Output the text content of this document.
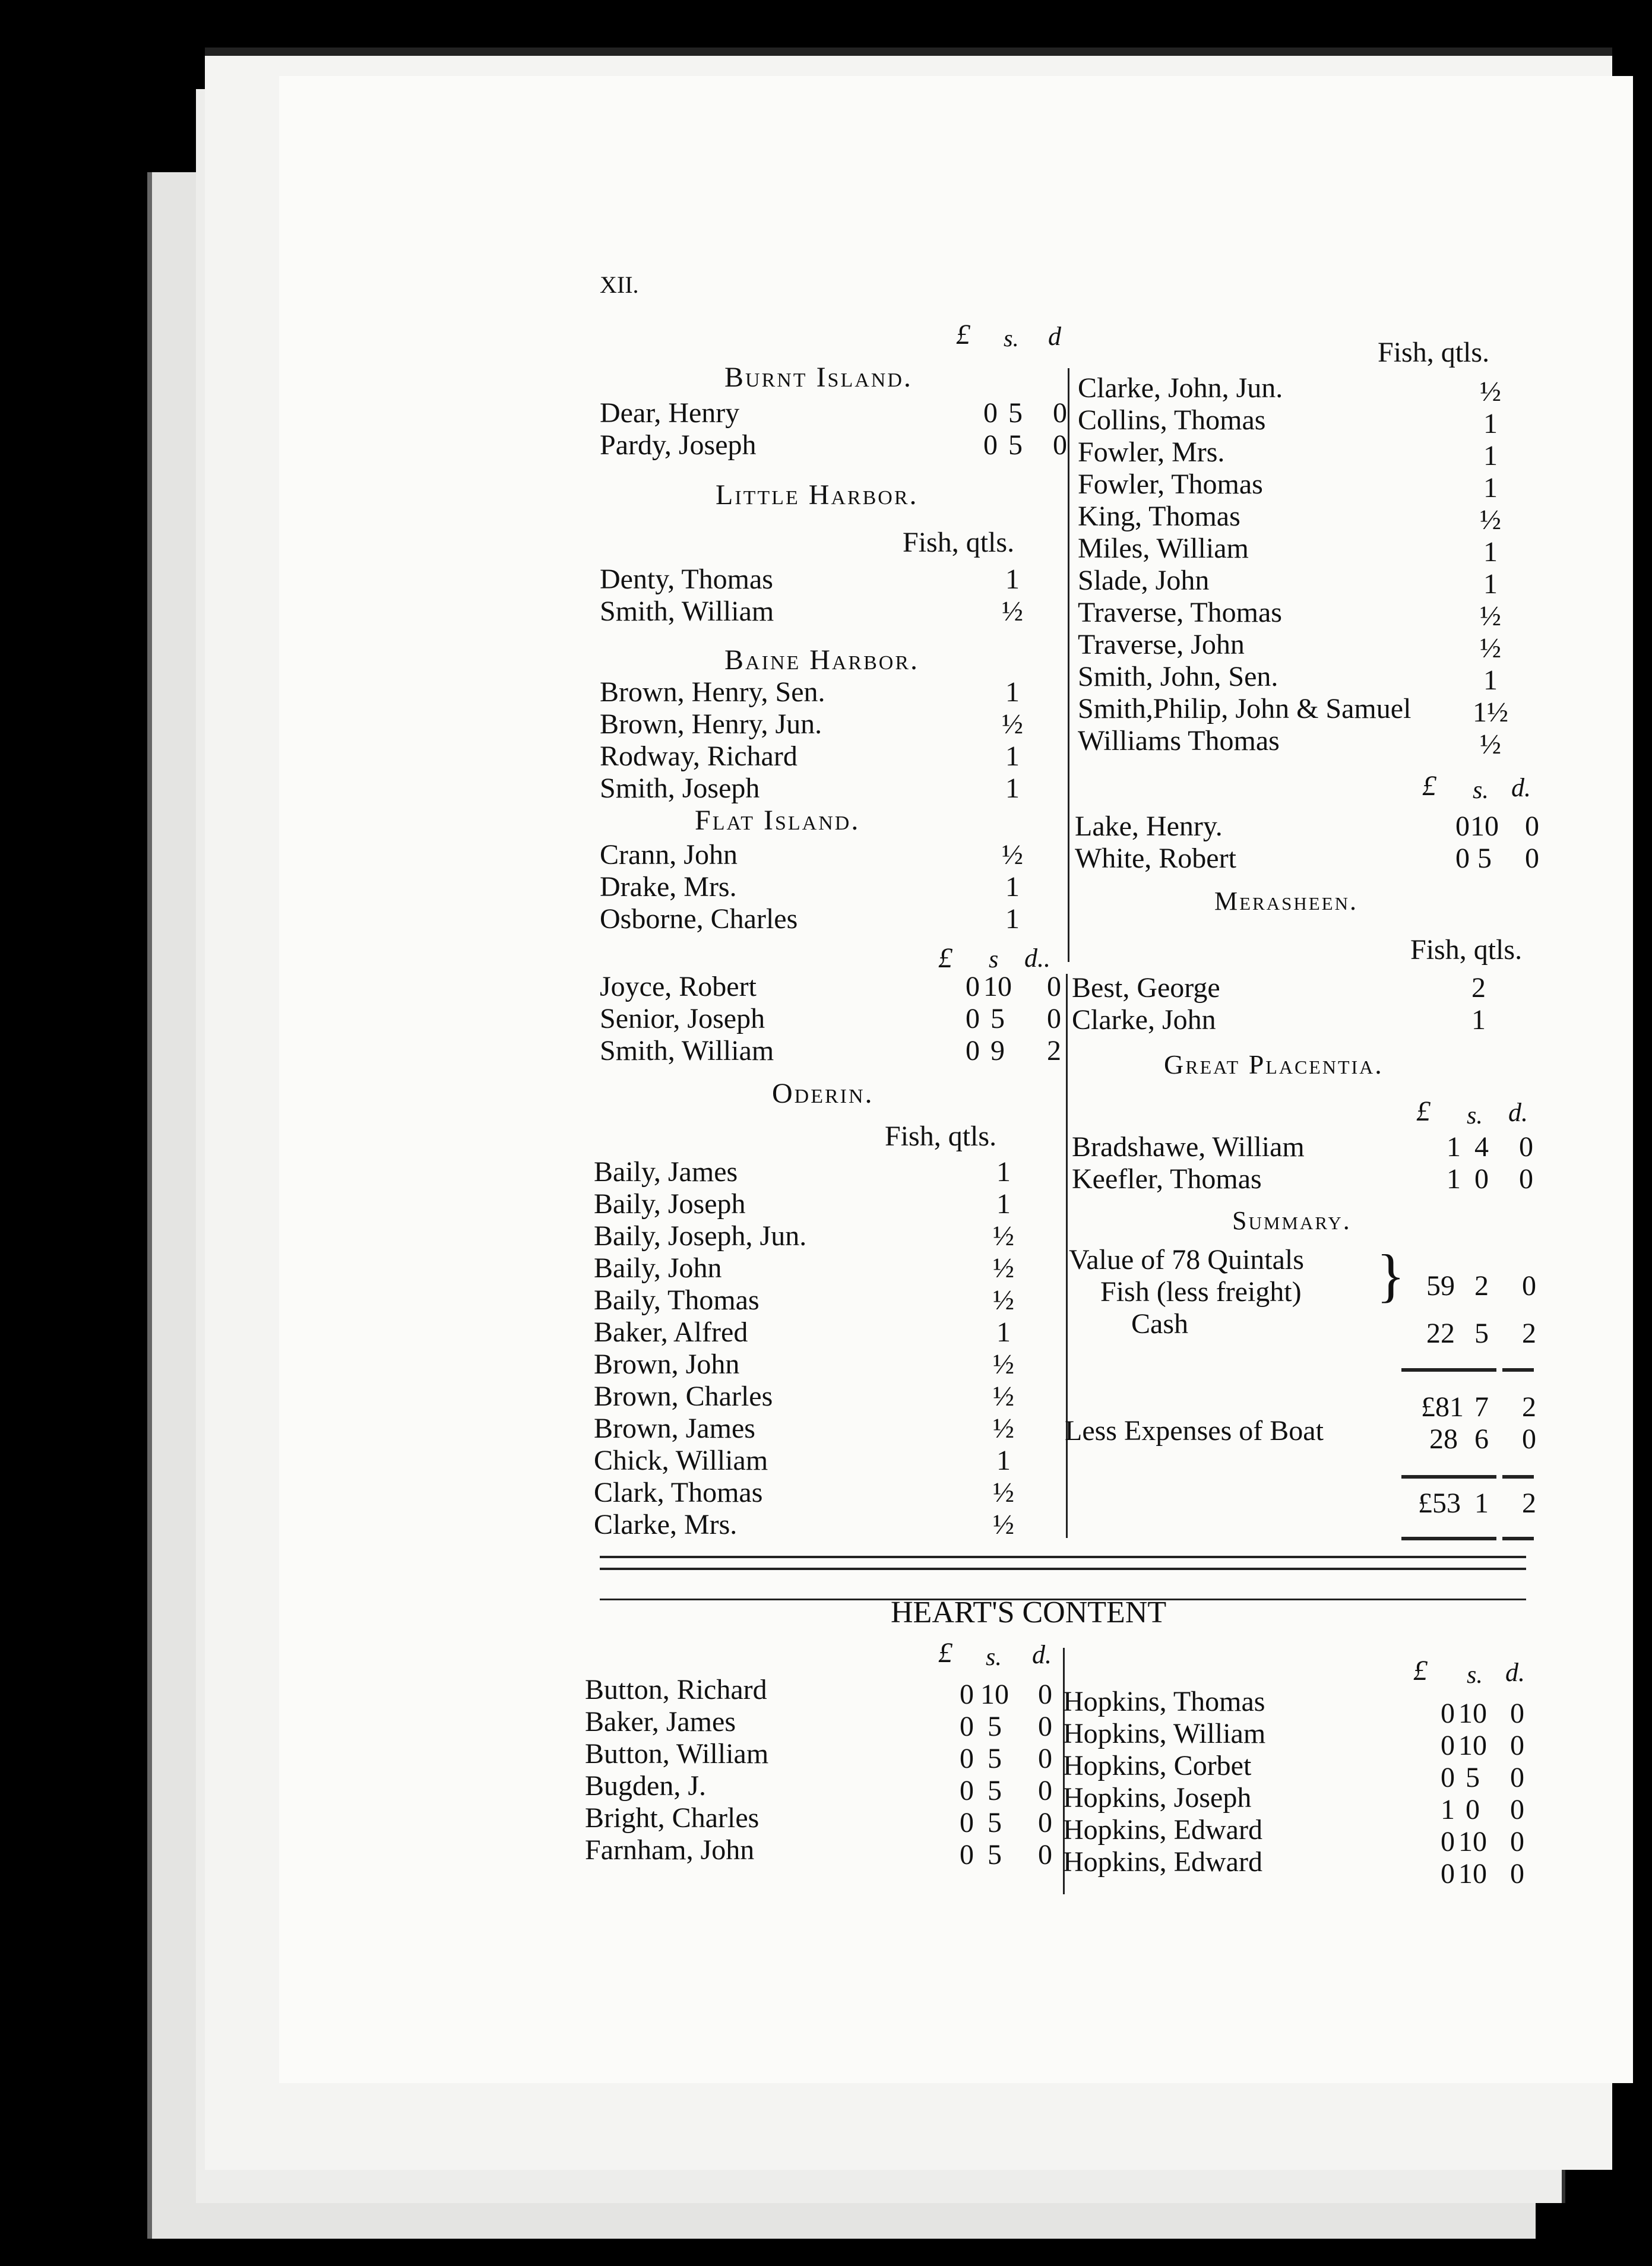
XII.
£ s. d
Burnt Island.
Dear, Henry	0 5	0
Pardy, Joseph	0 5	0
Little Harbor.
Fish, qtls.
Denty, Thomas	1
Smith, William	½
Baine Harbor.
Brown, Henry, Sen.	1
Brown, Henry, Jun.	½
Rodway, Richard	1
Smith, Joseph	1
Flat Island.
Crann, John	½
Drake, Mrs.	1
Osborne, Charles	1
£ s d..
Joyce, Robert	0 10	0
Senior, Joseph	0 5	0
Smith, William	0 9	2
Oderin.
Fish, qtls.
Baily, James	1
Baily, Joseph	1
Baily, Joseph, Jun.	½
Baily, John	½
Baily, Thomas	½
Baker, Alfred	1
Brown, John	½
Brown, Charles	½
Brown, James	½
Chick, William	1
Clark, Thomas	½
Clarke, Mrs.	½
Fish, qtls.
Clarke, John, Jun.	½
Collins, Thomas	1
Fowler, Mrs.	1
Fowler, Thomas	1
King, Thomas	½
Miles, William	1
Slade, John	1
Traverse, Thomas	½
Traverse, John	½
Smith, John, Sen.	1
Smith,Philip, John & Samuel 1½
Williams Thomas	½
£ s. d.
Lake, Henry.	0 10 0
White, Robert	0 5	0
Merasheen.
Fish, qtls.
Best, George	2
Clarke, John	1
Great Placentia.
£ s. d.
Bradshawe, William	1 4	0
Keefler, Thomas	1 0	0
Summary.
Value of 78 Quintals
Fish (less freight) } 59 2	0
Cash	22 5	2
£81 7	2
Less Expenses of Boat	28 6	0
£53 1	2
HEART'S CONTENT
£ s. d.
£ s. d.
Button, Richard	0 10	0
Baker, James	0 5	0
Button, William	0 5	0
Bugden, J.	0 5	0
Bright, Charles	0 5	0
Farnham, John	0 5	0
Hopkins, Thomas	0 10 0
Hopkins, William	0 10 0
Hopkins, Corbet	0 5	0
Hopkins, Joseph	1 0	0
Hopkins, Edward	0 10 0
Hopkins, Edward	0 10 0
